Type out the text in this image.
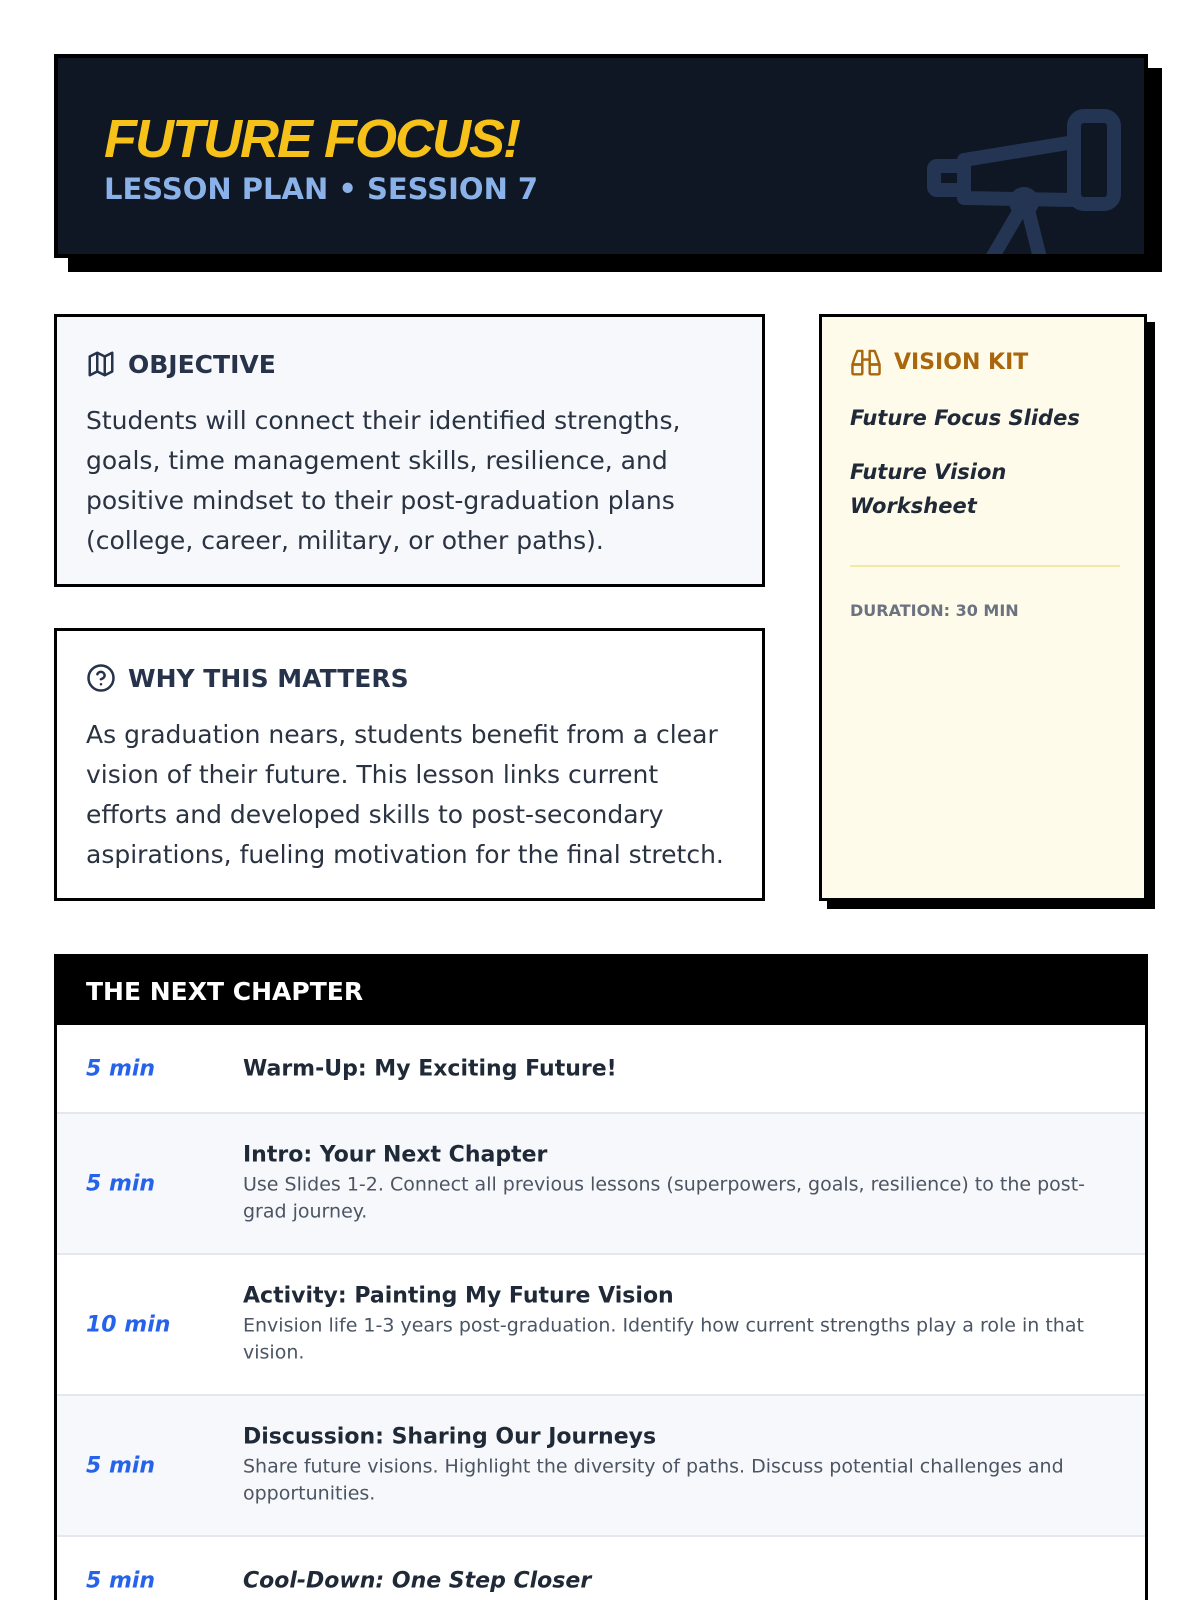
FUTURE FOCUS!
LESSON PLAN • SESSION 7
OBJECTIVE

Students will connect their identified strengths, goals, time management skills, resilience, and positive mindset to their post-graduation plans (college, career, military, or other paths).

WHY THIS MATTERS

As graduation nears, students benefit from a clear vision of their future. This lesson links current efforts and developed skills to post-secondary aspirations, fueling motivation for the final stretch.

VISION KIT
Future Focus Slides
Future Vision Worksheet
DURATION: 30 MIN
THE NEXT CHAPTER
5 min	Warm-Up: My Exciting Future!
5 min
Intro: Your Next Chapter
Use Slides 1-2. Connect all previous lessons (superpowers, goals, resilience) to the post-grad journey.
10 min
Activity: Painting My Future Vision
Envision life 1-3 years post-graduation. Identify how current strengths play a role in that vision.
5 min
Discussion: Sharing Our Journeys
Share future visions. Highlight the diversity of paths. Discuss potential challenges and opportunities.
5 min	Cool-Down: One Step Closer
